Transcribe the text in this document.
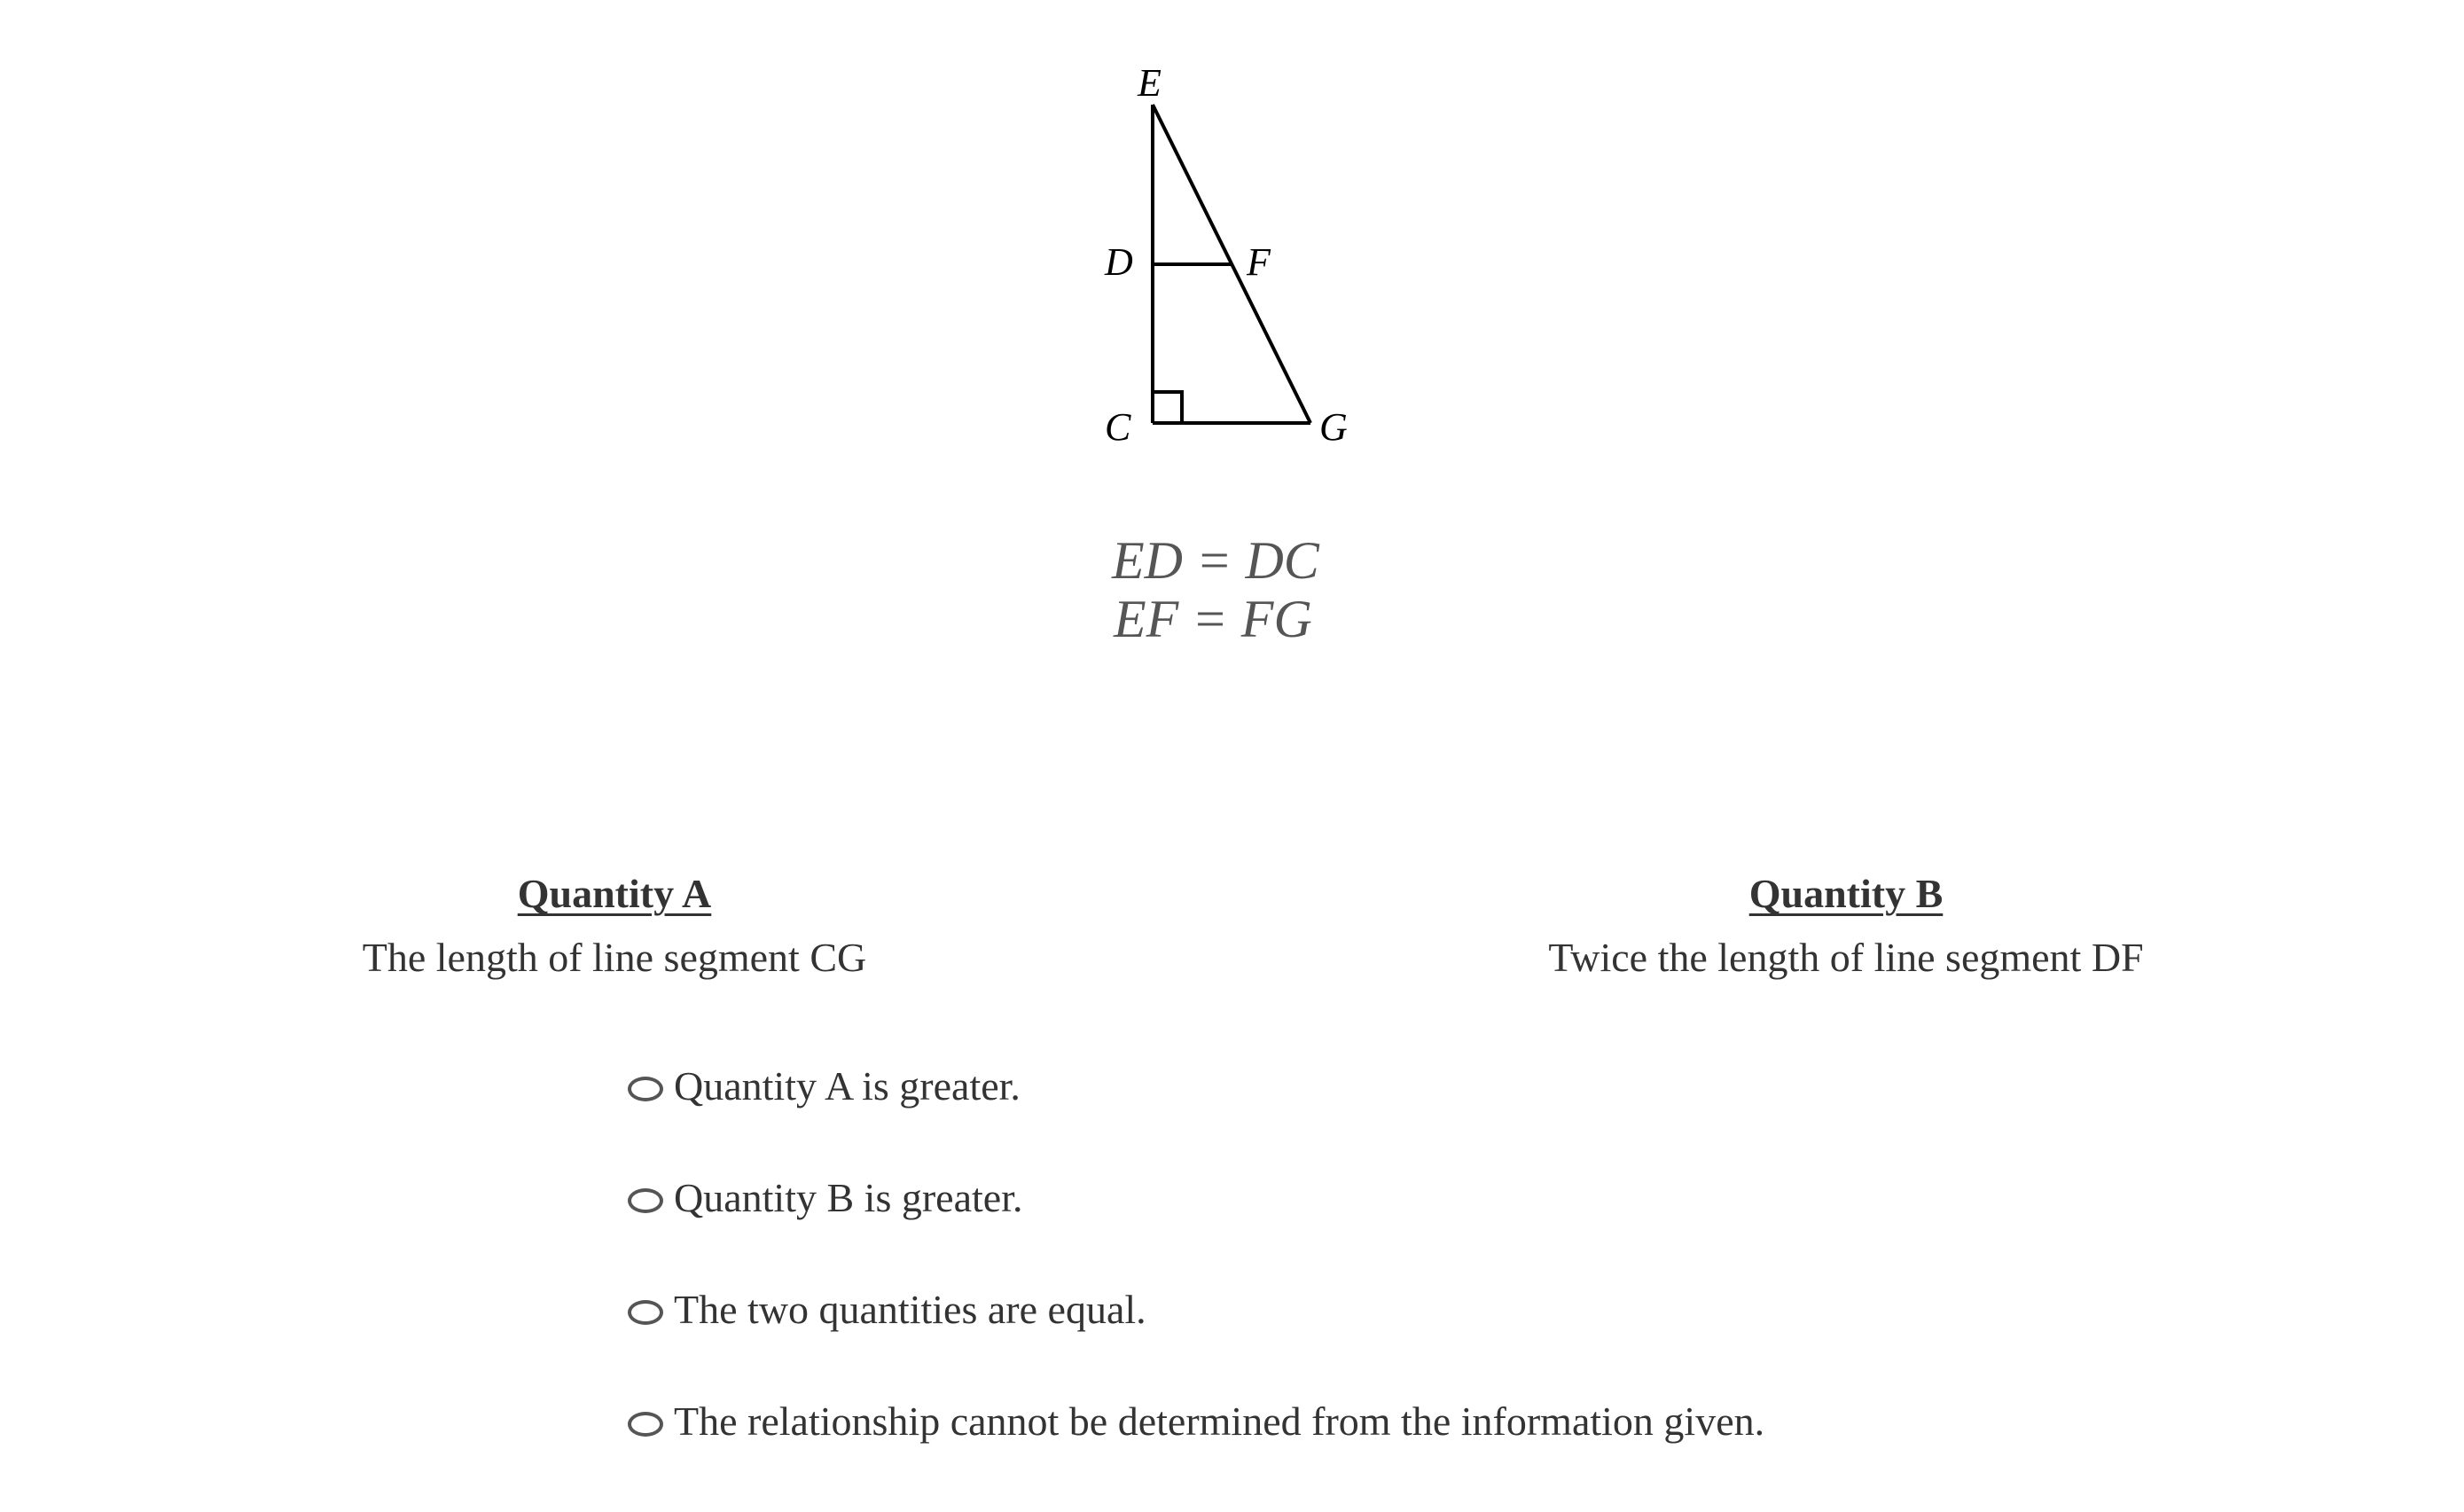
E
D	F
C	G
ED = DC
EF = FG
Quantity A
The length of line segment CG
Quantity B
Twice the length of line segment DF
Quantity A is greater.
Quantity B is greater.
The two quantities are equal.
The relationship cannot be determined from the information given.
